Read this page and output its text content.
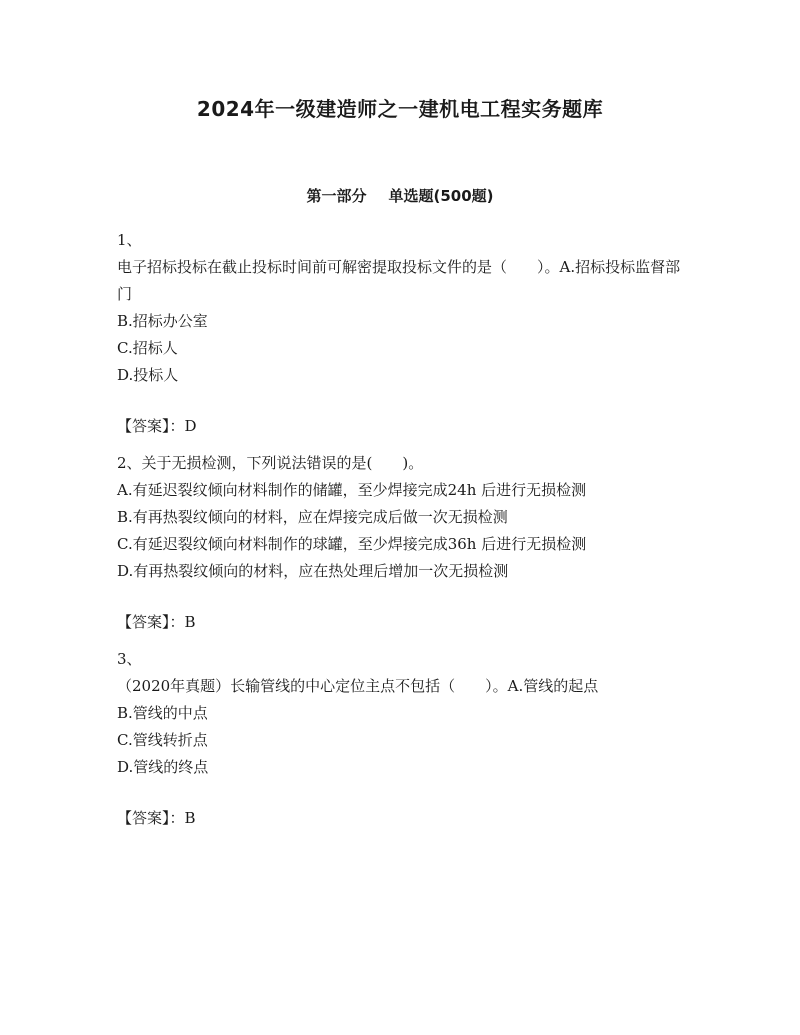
2024年一级建造师之一建机电工程实务题库
第一部分 单选题(500题)

1、

电子招标投标在截止投标时间前可解密提取投标文件的是（　　）。A.招标投标监督部门

B.招标办公室

C.招标人

D.投标人

【答案】：D

2、关于无损检测，下列说法错误的是(　　)。

A.有延迟裂纹倾向材料制作的储罐，至少焊接完成24h 后进行无损检测

B.有再热裂纹倾向的材料，应在焊接完成后做一次无损检测

C.有延迟裂纹倾向材料制作的球罐，至少焊接完成36h 后进行无损检测

D.有再热裂纹倾向的材料，应在热处理后增加一次无损检测

【答案】：B

3、

（2020年真题）长输管线的中心定位主点不包括（　　）。A.管线的起点

B.管线的中点

C.管线转折点

D.管线的终点

【答案】：B
